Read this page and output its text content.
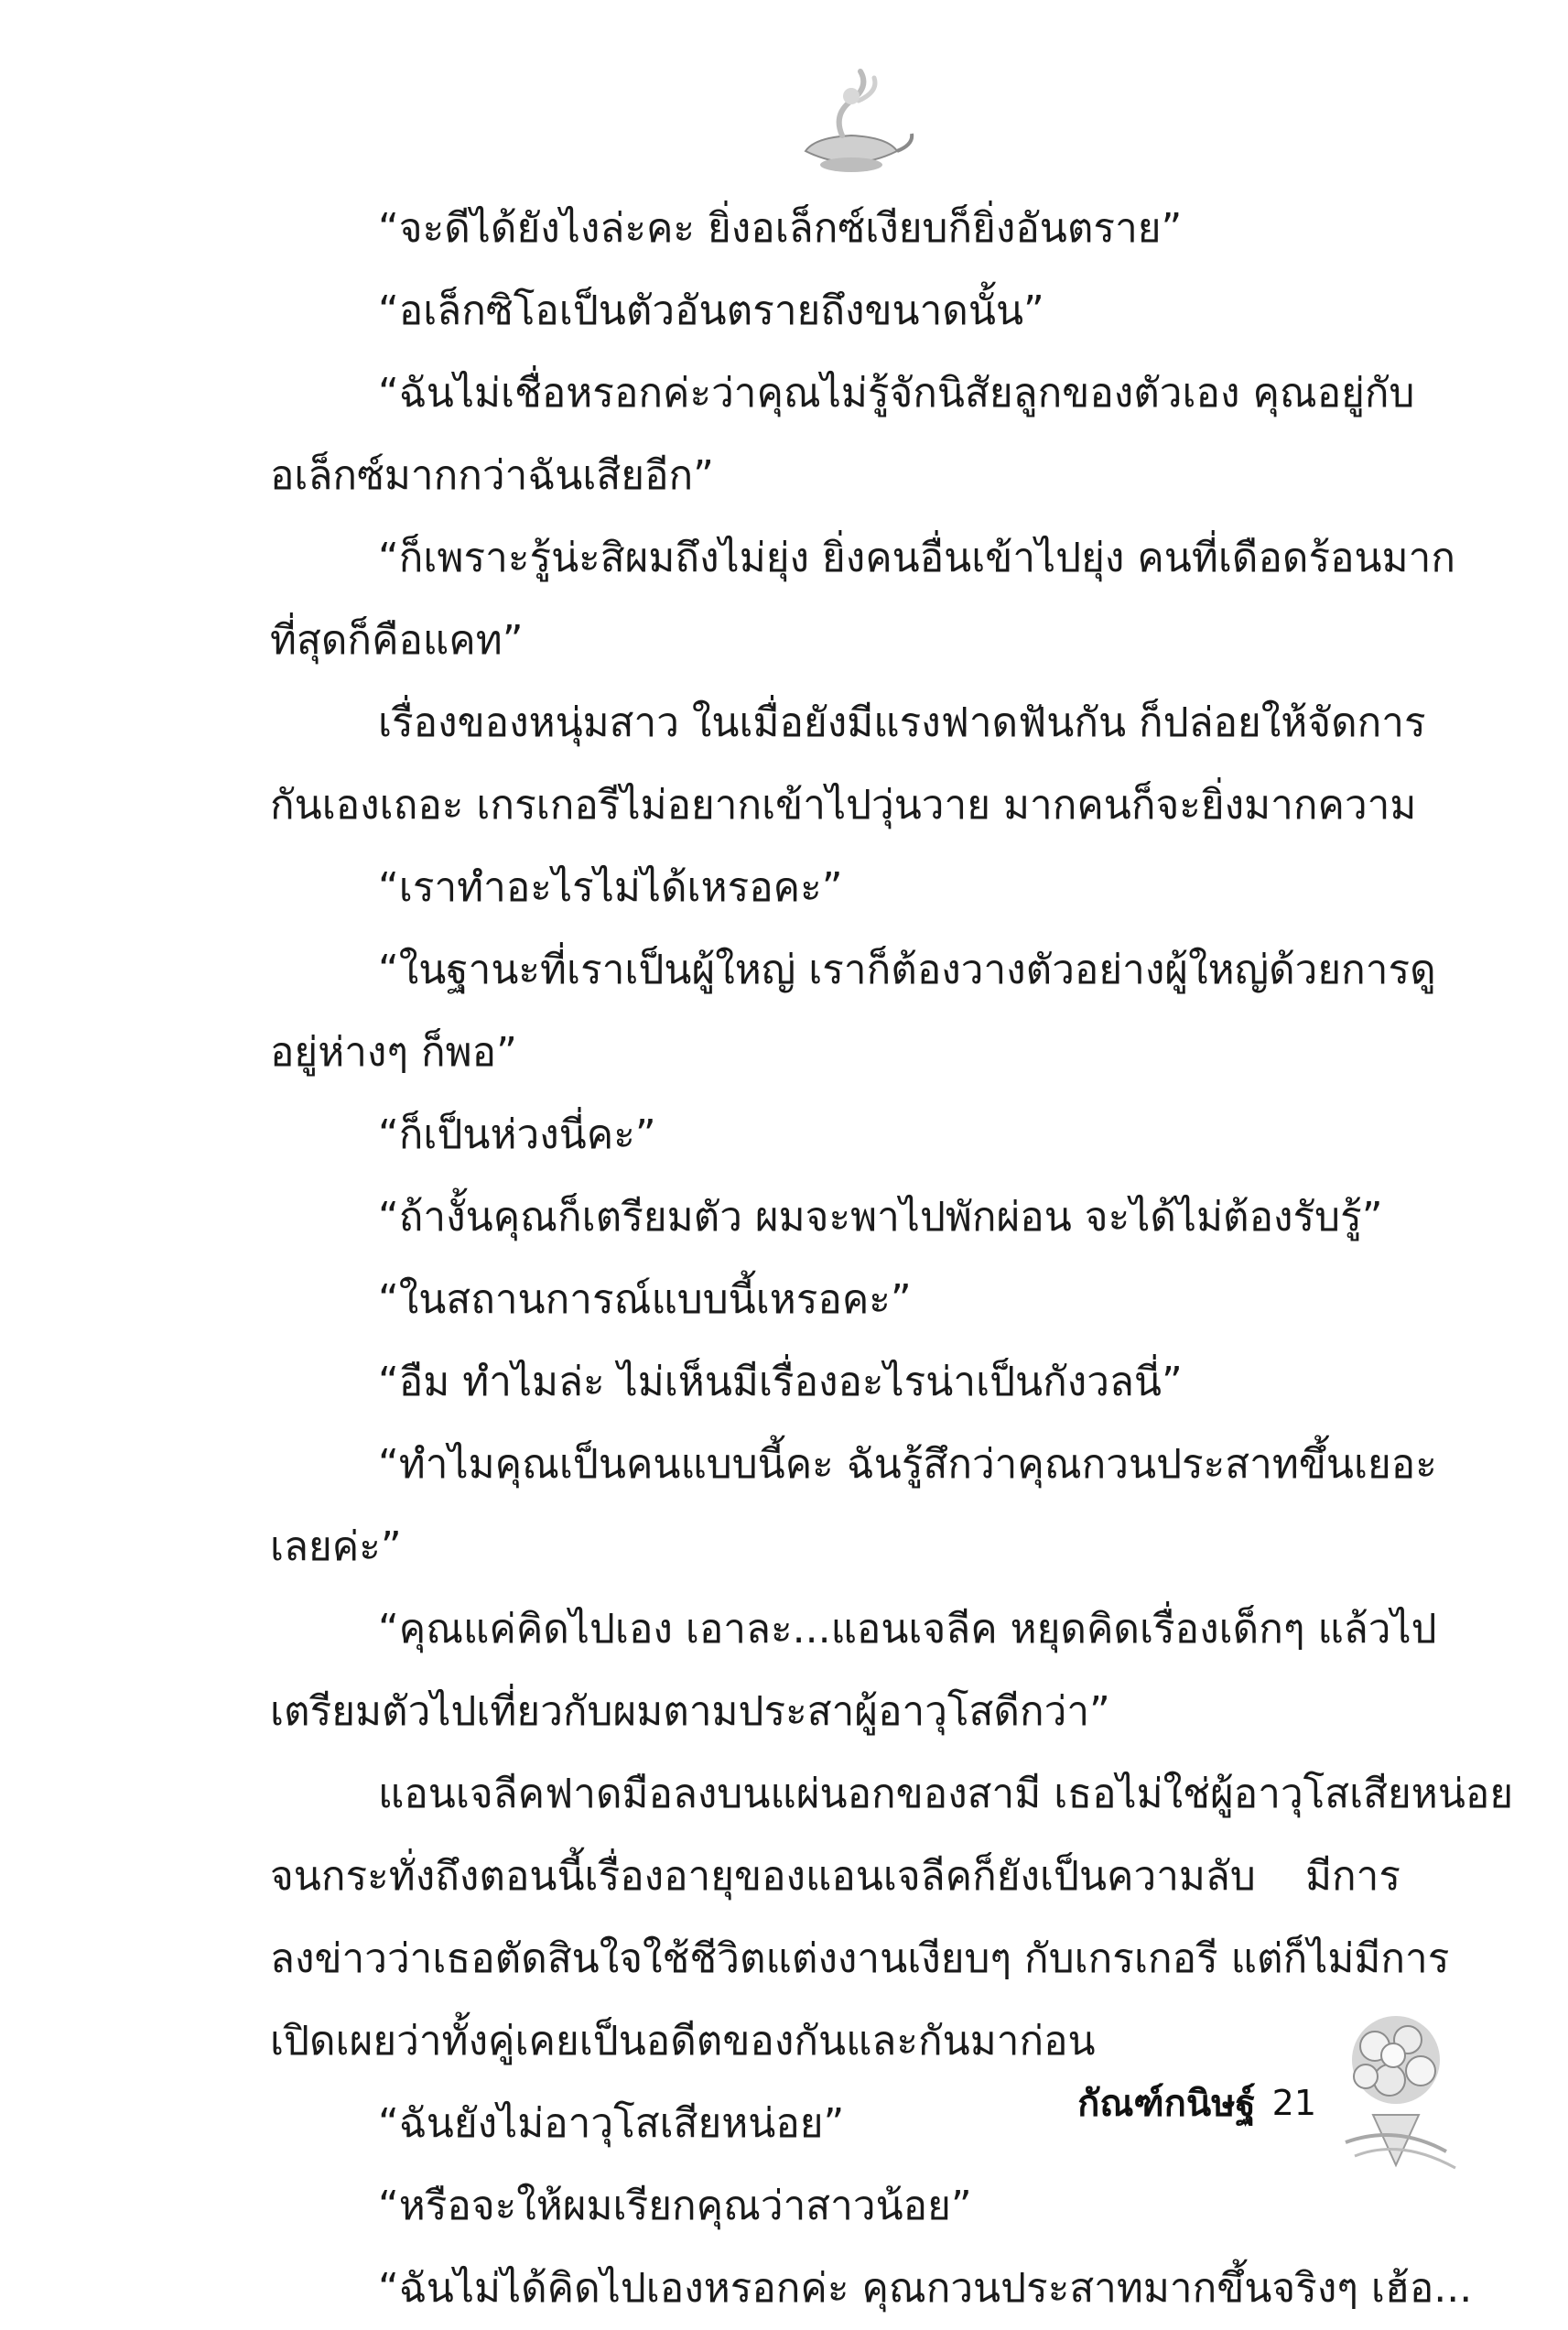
“จะดีได้ยังไงล่ะคะ ยิ่งอเล็กซ์เงียบก็ยิ่งอันตราย”

“อเล็กซิโอเป็นตัวอันตรายถึงขนาดนั้น”

“ฉันไม่เชื่อหรอกค่ะว่าคุณไม่รู้จักนิสัยลูกของตัวเอง คุณอยู่กับ
อเล็กซ์มากกว่าฉันเสียอีก”

“ก็เพราะรู้น่ะสิผมถึงไม่ยุ่ง ยิ่งคนอื่นเข้าไปยุ่ง คนที่เดือดร้อนมาก
ที่สุดก็คือแคท”

เรื่องของหนุ่มสาว ในเมื่อยังมีแรงฟาดฟันกัน ก็ปล่อยให้จัดการ
กันเองเถอะ เกรเกอรีไม่อยากเข้าไปวุ่นวาย มากคนก็จะยิ่งมากความ

“เราทำอะไรไม่ได้เหรอคะ”

“ในฐานะที่เราเป็นผู้ใหญ่ เราก็ต้องวางตัวอย่างผู้ใหญ่ด้วยการดู
อยู่ห่างๆ ก็พอ”

“ก็เป็นห่วงนี่คะ”

“ถ้างั้นคุณก็เตรียมตัว ผมจะพาไปพักผ่อน จะได้ไม่ต้องรับรู้”

“ในสถานการณ์แบบนี้เหรอคะ”

“อืม ทำไมล่ะ ไม่เห็นมีเรื่องอะไรน่าเป็นกังวลนี่”

“ทำไมคุณเป็นคนแบบนี้คะ ฉันรู้สึกว่าคุณกวนประสาทขึ้นเยอะ
เลยค่ะ”

“คุณแค่คิดไปเอง เอาละ...แอนเจลีค หยุดคิดเรื่องเด็กๆ แล้วไป
เตรียมตัวไปเที่ยวกับผมตามประสาผู้อาวุโสดีกว่า”

แอนเจลีคฟาดมือลงบนแผ่นอกของสามี เธอไม่ใช่ผู้อาวุโสเสียหน่อย
จนกระทั่งถึงตอนนี้เรื่องอายุของแอนเจลีคก็ยังเป็นความลับ มีการ
ลงข่าวว่าเธอตัดสินใจใช้ชีวิตแต่งงานเงียบๆ กับเกรเกอรี แต่ก็ไม่มีการ
เปิดเผยว่าทั้งคู่เคยเป็นอดีตของกันและกันมาก่อน

“ฉันยังไม่อาวุโสเสียหน่อย”

“หรือจะให้ผมเรียกคุณว่าสาวน้อย”

“ฉันไม่ได้คิดไปเองหรอกค่ะ คุณกวนประสาทมากขึ้นจริงๆ เฮ้อ...

กัณฑ์กนิษฐ์ 21
